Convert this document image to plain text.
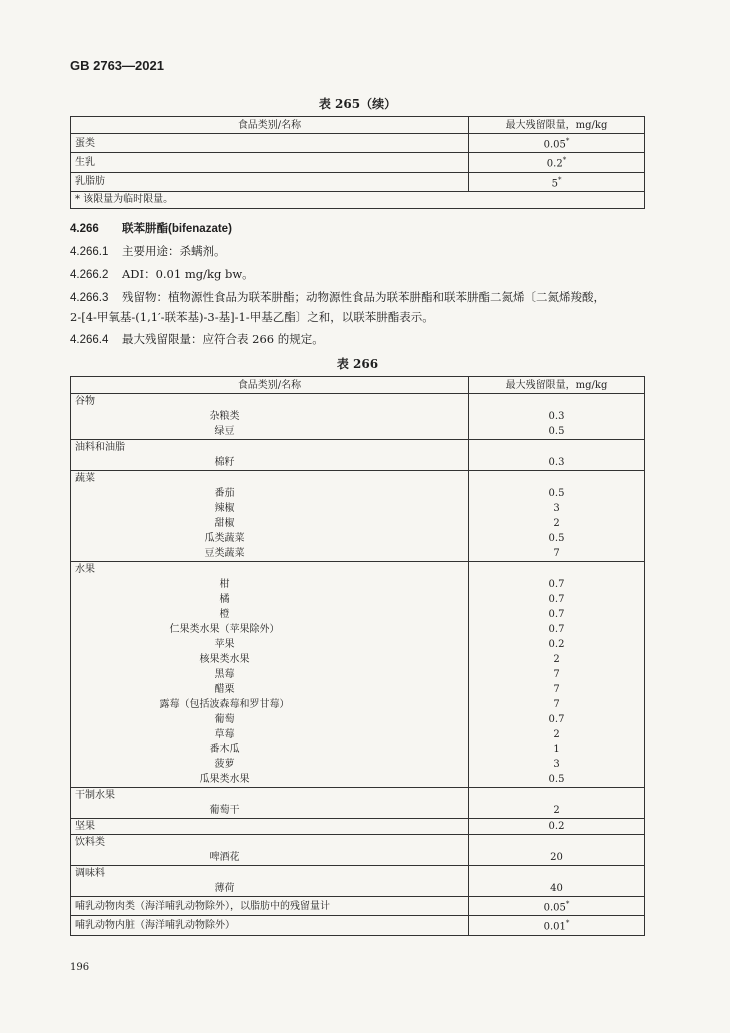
GB 2763—2021
表 265（续）
食品类别/名称	最大残留限量，mg/kg
蛋类	0.05*
生乳	0.2*
乳脂肪	5*
* 该限量为临时限量。	
4.266 联苯肼酯(bifenazate)
4.266.1 主要用途：杀螨剂。
4.266.2 ADI：0.01 mg/kg bw。
4.266.3 残留物：植物源性食品为联苯肼酯；动物源性食品为联苯肼酯和联苯肼酯二氮烯〔二氮烯羧酸，
2-[4-甲氧基-(1,1′-联苯基)-3-基]-1-甲基乙酯〕之和，以联苯肼酯表示。
4.266.4 最大残留限量：应符合表 266 的规定。
表 266
食品类别/名称	最大残留限量，mg/kg
谷物	
杂粮类	0.3
绿豆	0.5
油料和油脂	
棉籽	0.3
蔬菜	
番茄	0.5
辣椒	3
甜椒	2
瓜类蔬菜	0.5
豆类蔬菜	7
水果	
柑	0.7
橘	0.7
橙	0.7
仁果类水果（苹果除外）	0.7
苹果	0.2
核果类水果	2
黑莓	7
醋栗	7
露莓（包括波森莓和罗甘莓）	7
葡萄	0.7
草莓	2
番木瓜	1
菠萝	3
瓜果类水果	0.5
干制水果	
葡萄干	2
坚果	0.2
饮料类	
啤酒花	20
调味料	
薄荷	40
哺乳动物肉类（海洋哺乳动物除外），以脂肪中的残留量计	0.05*
哺乳动物内脏（海洋哺乳动物除外）	0.01*
196
